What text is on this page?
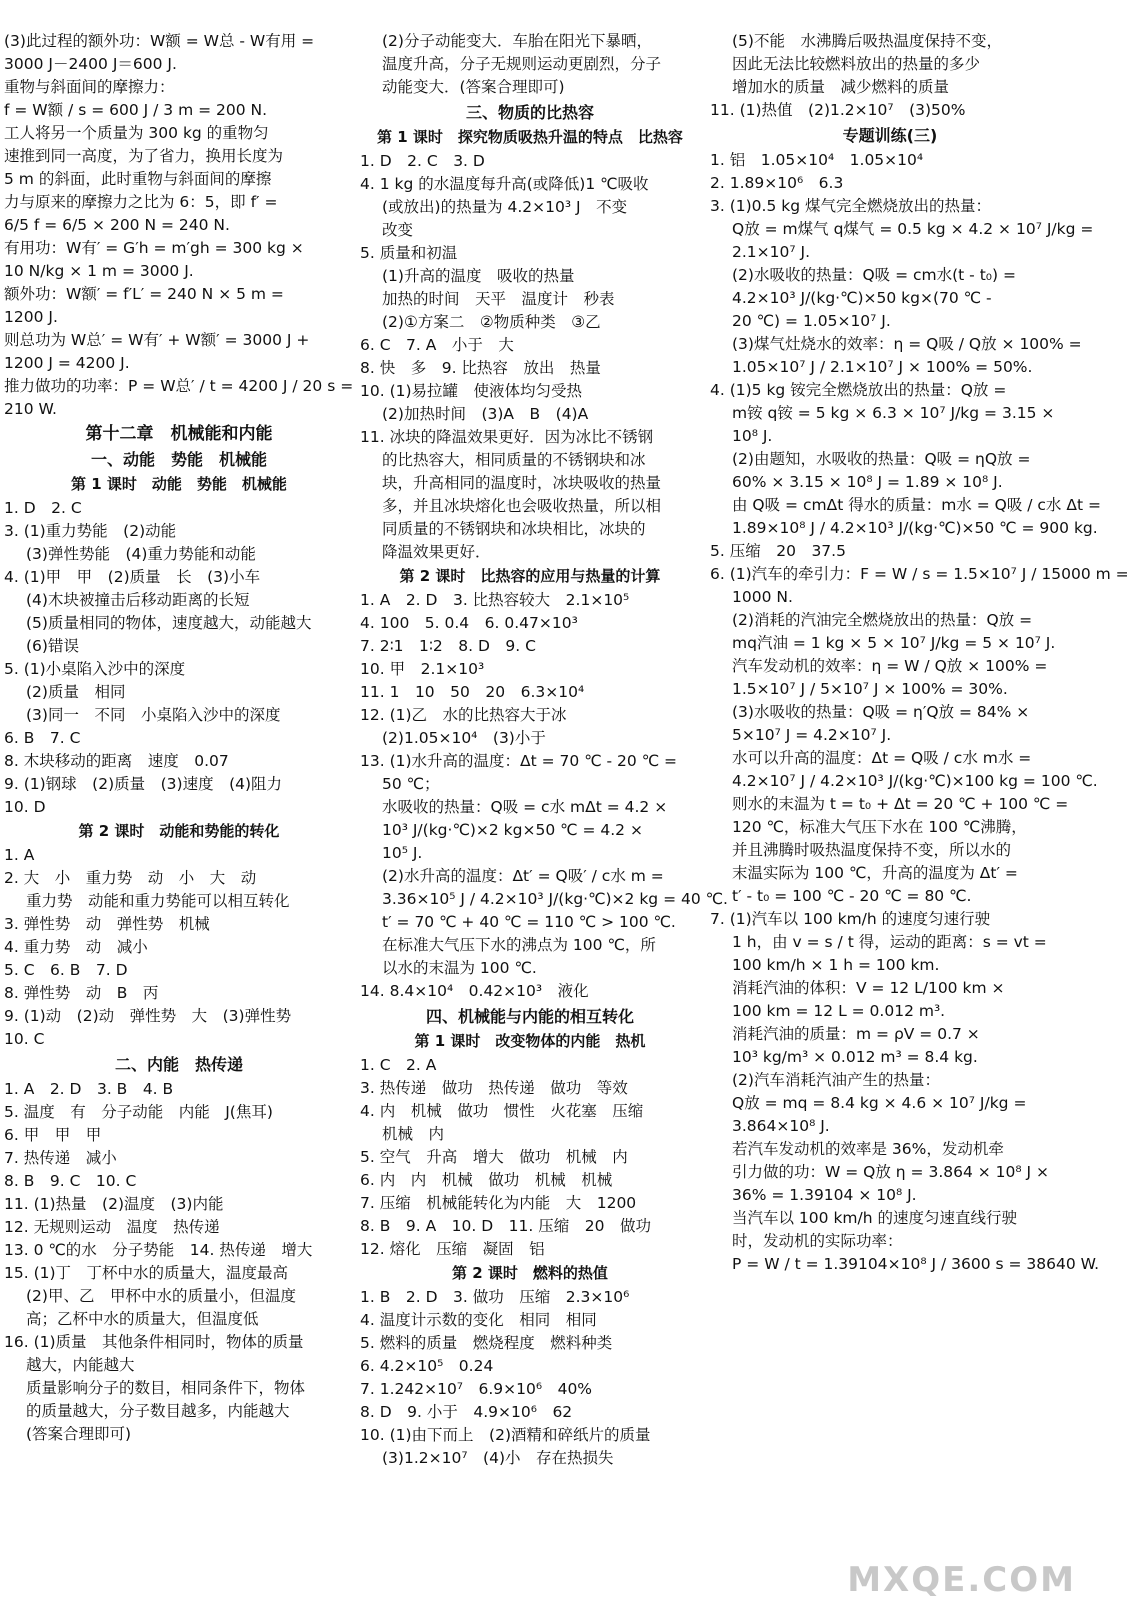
(3)此过程的额外功：W额 = W总 - W有用 =
3000 J－2400 J＝600 J.
重物与斜面间的摩擦力：
f = W额 / s = 600 J / 3 m = 200 N.
工人将另一个质量为 300 kg 的重物匀
速推到同一高度，为了省力，换用长度为
5 m 的斜面，此时重物与斜面间的摩擦
力与原来的摩擦力之比为 6：5，即 f′ =
6/5 f = 6/5 × 200 N = 240 N.
有用功：W有′ = G′h = m′gh = 300 kg ×
10 N/kg × 1 m = 3000 J.
额外功：W额′ = f′L′ = 240 N × 5 m =
1200 J.
则总功为 W总′ = W有′ + W额′ = 3000 J +
1200 J = 4200 J.
推力做功的功率：P = W总′ / t = 4200 J / 20 s =
210 W.
第十二章　机械能和内能
一、动能　势能　机械能
第 1 课时　动能　势能　机械能
1. D　2. C
3. (1)重力势能　(2)动能
(3)弹性势能　(4)重力势能和动能
4. (1)甲　甲　(2)质量　长　(3)小车
(4)木块被撞击后移动距离的长短
(5)质量相同的物体，速度越大，动能越大
(6)错误
5. (1)小桌陷入沙中的深度
(2)质量　相同
(3)同一　不同　小桌陷入沙中的深度
6. B　7. C
8. 木块移动的距离　速度　0.07
9. (1)钢球　(2)质量　(3)速度　(4)阻力
10. D
第 2 课时　动能和势能的转化
1. A
2. 大　小　重力势　动　小　大　动
重力势　动能和重力势能可以相互转化
3. 弹性势　动　弹性势　机械
4. 重力势　动　减小
5. C　6. B　7. D
8. 弹性势　动　B　丙
9. (1)动　(2)动　弹性势　大　(3)弹性势
10. C
二、内能　热传递
1. A　2. D　3. B　4. B
5. 温度　有　分子动能　内能　J(焦耳)
6. 甲　甲　甲
7. 热传递　减小
8. B　9. C　10. C
11. (1)热量　(2)温度　(3)内能
12. 无规则运动　温度　热传递
13. 0 ℃的水　分子势能　14. 热传递　增大
15. (1)丁　丁杯中水的质量大，温度最高
(2)甲、乙　甲杯中水的质量小，但温度
高；乙杯中水的质量大，但温度低
16. (1)质量　其他条件相同时，物体的质量
越大，内能越大
质量影响分子的数目，相同条件下，物体
的质量越大，分子数目越多，内能越大
(答案合理即可)
(2)分子动能变大．车胎在阳光下暴晒，
温度升高，分子无规则运动更剧烈，分子
动能变大．(答案合理即可)
三、物质的比热容
第 1 课时　探究物质吸热升温的特点　比热容
1. D　2. C　3. D
4. 1 kg 的水温度每升高(或降低)1 ℃吸收
(或放出)的热量为 4.2×10³ J　不变
改变
5. 质量和初温
(1)升高的温度　吸收的热量
加热的时间　天平　温度计　秒表
(2)①方案二　②物质种类　③乙
6. C　7. A　小于　大
8. 快　多　9. 比热容　放出　热量
10. (1)易拉罐　使液体均匀受热
(2)加热时间　(3)A　B　(4)A
11. 冰块的降温效果更好．因为冰比不锈钢
的比热容大，相同质量的不锈钢块和冰
块，升高相同的温度时，冰块吸收的热量
多，并且冰块熔化也会吸收热量，所以相
同质量的不锈钢块和冰块相比，冰块的
降温效果更好．
第 2 课时　比热容的应用与热量的计算
1. A　2. D　3. 比热容较大　2.1×10⁵
4. 100　5. 0.4　6. 0.47×10³
7. 2∶1　1∶2　8. D　9. C
10. 甲　2.1×10³
11. 1　10　50　20　6.3×10⁴
12. (1)乙　水的比热容大于冰
(2)1.05×10⁴　(3)小于
13. (1)水升高的温度：Δt = 70 ℃ - 20 ℃ =
50 ℃；
水吸收的热量：Q吸 = c水 mΔt = 4.2 ×
10³ J/(kg·℃)×2 kg×50 ℃ = 4.2 ×
10⁵ J.
(2)水升高的温度：Δt′ = Q吸′ / c水 m =
3.36×10⁵ J / 4.2×10³ J/(kg·℃)×2 kg = 40 ℃.
t′ = 70 ℃ + 40 ℃ = 110 ℃ > 100 ℃.
在标准大气压下水的沸点为 100 ℃，所
以水的末温为 100 ℃.
14. 8.4×10⁴　0.42×10³　液化
四、机械能与内能的相互转化
第 1 课时　改变物体的内能　热机
1. C　2. A
3. 热传递　做功　热传递　做功　等效
4. 内　机械　做功　惯性　火花塞　压缩
机械　内
5. 空气　升高　增大　做功　机械　内
6. 内　内　机械　做功　机械　机械
7. 压缩　机械能转化为内能　大　1200
8. B　9. A　10. D　11. 压缩　20　做功
12. 熔化　压缩　凝固　铝
第 2 课时　燃料的热值
1. B　2. D　3. 做功　压缩　2.3×10⁶
4. 温度计示数的变化　相同　相同
5. 燃料的质量　燃烧程度　燃料种类
6. 4.2×10⁵　0.24
7. 1.242×10⁷　6.9×10⁶　40%
8. D　9. 小于　4.9×10⁶　62
10. (1)由下而上　(2)酒精和碎纸片的质量
(3)1.2×10⁷　(4)小　存在热损失
(5)不能　水沸腾后吸热温度保持不变，
因此无法比较燃料放出的热量的多少
增加水的质量　减少燃料的质量
11. (1)热值　(2)1.2×10⁷　(3)50%
专题训练(三)
1. 铝　1.05×10⁴　1.05×10⁴
2. 1.89×10⁶　6.3
3. (1)0.5 kg 煤气完全燃烧放出的热量：
Q放 = m煤气 q煤气 = 0.5 kg × 4.2 × 10⁷ J/kg =
2.1×10⁷ J.
(2)水吸收的热量：Q吸 = cm水(t - t₀) =
4.2×10³ J/(kg·℃)×50 kg×(70 ℃ -
20 ℃) = 1.05×10⁷ J.
(3)煤气灶烧水的效率：η = Q吸 / Q放 × 100% =
1.05×10⁷ J / 2.1×10⁷ J × 100% = 50%.
4. (1)5 kg 铵完全燃烧放出的热量：Q放 =
m铵 q铵 = 5 kg × 6.3 × 10⁷ J/kg = 3.15 ×
10⁸ J.
(2)由题知，水吸收的热量：Q吸 = ηQ放 =
60% × 3.15 × 10⁸ J = 1.89 × 10⁸ J.
由 Q吸 = cmΔt 得水的质量：m水 = Q吸 / c水 Δt =
1.89×10⁸ J / 4.2×10³ J/(kg·℃)×50 ℃ = 900 kg.
5. 压缩　20　37.5
6. (1)汽车的牵引力：F = W / s = 1.5×10⁷ J / 15000 m =
1000 N.
(2)消耗的汽油完全燃烧放出的热量：Q放 =
mq汽油 = 1 kg × 5 × 10⁷ J/kg = 5 × 10⁷ J.
汽车发动机的效率：η = W / Q放 × 100% =
1.5×10⁷ J / 5×10⁷ J × 100% = 30%.
(3)水吸收的热量：Q吸 = η′Q放 = 84% ×
5×10⁷ J = 4.2×10⁷ J.
水可以升高的温度：Δt = Q吸 / c水 m水 =
4.2×10⁷ J / 4.2×10³ J/(kg·℃)×100 kg = 100 ℃.
则水的末温为 t = t₀ + Δt = 20 ℃ + 100 ℃ =
120 ℃，标准大气压下水在 100 ℃沸腾，
并且沸腾时吸热温度保持不变，所以水的
末温实际为 100 ℃，升高的温度为 Δt′ =
t′ - t₀ = 100 ℃ - 20 ℃ = 80 ℃.
7. (1)汽车以 100 km/h 的速度匀速行驶
1 h，由 v = s / t 得，运动的距离：s = vt =
100 km/h × 1 h = 100 km.
消耗汽油的体积：V = 12 L/100 km ×
100 km = 12 L = 0.012 m³.
消耗汽油的质量：m = ρV = 0.7 ×
10³ kg/m³ × 0.012 m³ = 8.4 kg.
(2)汽车消耗汽油产生的热量：
Q放 = mq = 8.4 kg × 4.6 × 10⁷ J/kg =
3.864×10⁸ J.
若汽车发动机的效率是 36%，发动机牵
引力做的功：W = Q放 η = 3.864 × 10⁸ J ×
36% = 1.39104 × 10⁸ J.
当汽车以 100 km/h 的速度匀速直线行驶
时，发动机的实际功率：
P = W / t = 1.39104×10⁸ J / 3600 s = 38640 W.
MXQE.COM
